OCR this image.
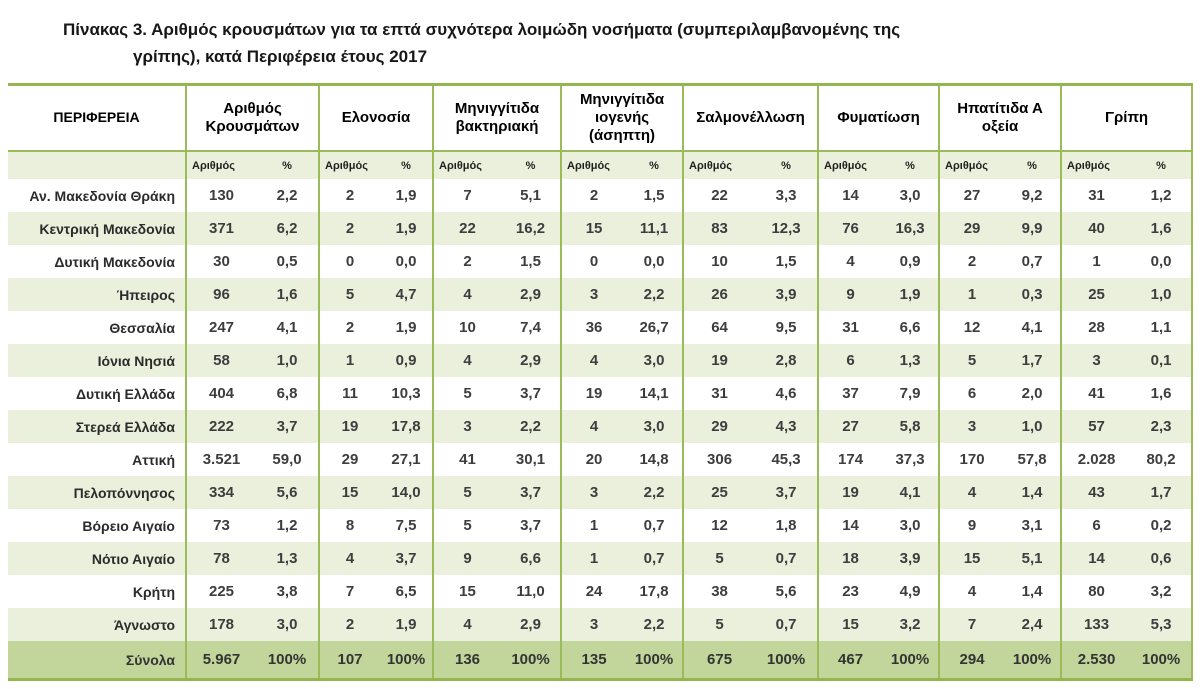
Πίνακας 3. Αριθμός κρουσμάτων για τα επτά συχνότερα λοιμώδη νοσήματα (συμπεριλαμβανομένης της
γρίπης), κατά Περιφέρεια έτους 2017
ΠΕΡΙΦΕΡΕΙΑ	Αριθμός Κρουσμάτων		Ελονοσία		Μηνιγγίτιδα βακτηριακή		Μηνιγγίτιδα ιογενής (άσηπτη)		Σαλμονέλλωση		Φυματίωση		Ηπατίτιδα Α οξεία		Γρίπη	
	Αριθμός	%	Αριθμός	%	Αριθμός	%	Αριθμός	%	Αριθμός	%	Αριθμός	%	Αριθμός	%	Αριθμός	%
Αν. Μακεδονία Θράκη	130	2,2	2	1,9	7	5,1	2	1,5	22	3,3	14	3,0	27	9,2	31	1,2
Κεντρική Μακεδονία	371	6,2	2	1,9	22	16,2	15	11,1	83	12,3	76	16,3	29	9,9	40	1,6
Δυτική Μακεδονία	30	0,5	0	0,0	2	1,5	0	0,0	10	1,5	4	0,9	2	0,7	1	0,0
Ήπειρος	96	1,6	5	4,7	4	2,9	3	2,2	26	3,9	9	1,9	1	0,3	25	1,0
Θεσσαλία	247	4,1	2	1,9	10	7,4	36	26,7	64	9,5	31	6,6	12	4,1	28	1,1
Ιόνια Νησιά	58	1,0	1	0,9	4	2,9	4	3,0	19	2,8	6	1,3	5	1,7	3	0,1
Δυτική Ελλάδα	404	6,8	11	10,3	5	3,7	19	14,1	31	4,6	37	7,9	6	2,0	41	1,6
Στερεά Ελλάδα	222	3,7	19	17,8	3	2,2	4	3,0	29	4,3	27	5,8	3	1,0	57	2,3
Αττική	3.521	59,0	29	27,1	41	30,1	20	14,8	306	45,3	174	37,3	170	57,8	2.028	80,2
Πελοπόννησος	334	5,6	15	14,0	5	3,7	3	2,2	25	3,7	19	4,1	4	1,4	43	1,7
Βόρειο Αιγαίο	73	1,2	8	7,5	5	3,7	1	0,7	12	1,8	14	3,0	9	3,1	6	0,2
Νότιο Αιγαίο	78	1,3	4	3,7	9	6,6	1	0,7	5	0,7	18	3,9	15	5,1	14	0,6
Κρήτη	225	3,8	7	6,5	15	11,0	24	17,8	38	5,6	23	4,9	4	1,4	80	3,2
Άγνωστο	178	3,0	2	1,9	4	2,9	3	2,2	5	0,7	15	3,2	7	2,4	133	5,3
Σύνολα	5.967	100%	107	100%	136	100%	135	100%	675	100%	467	100%	294	100%	2.530	100%
